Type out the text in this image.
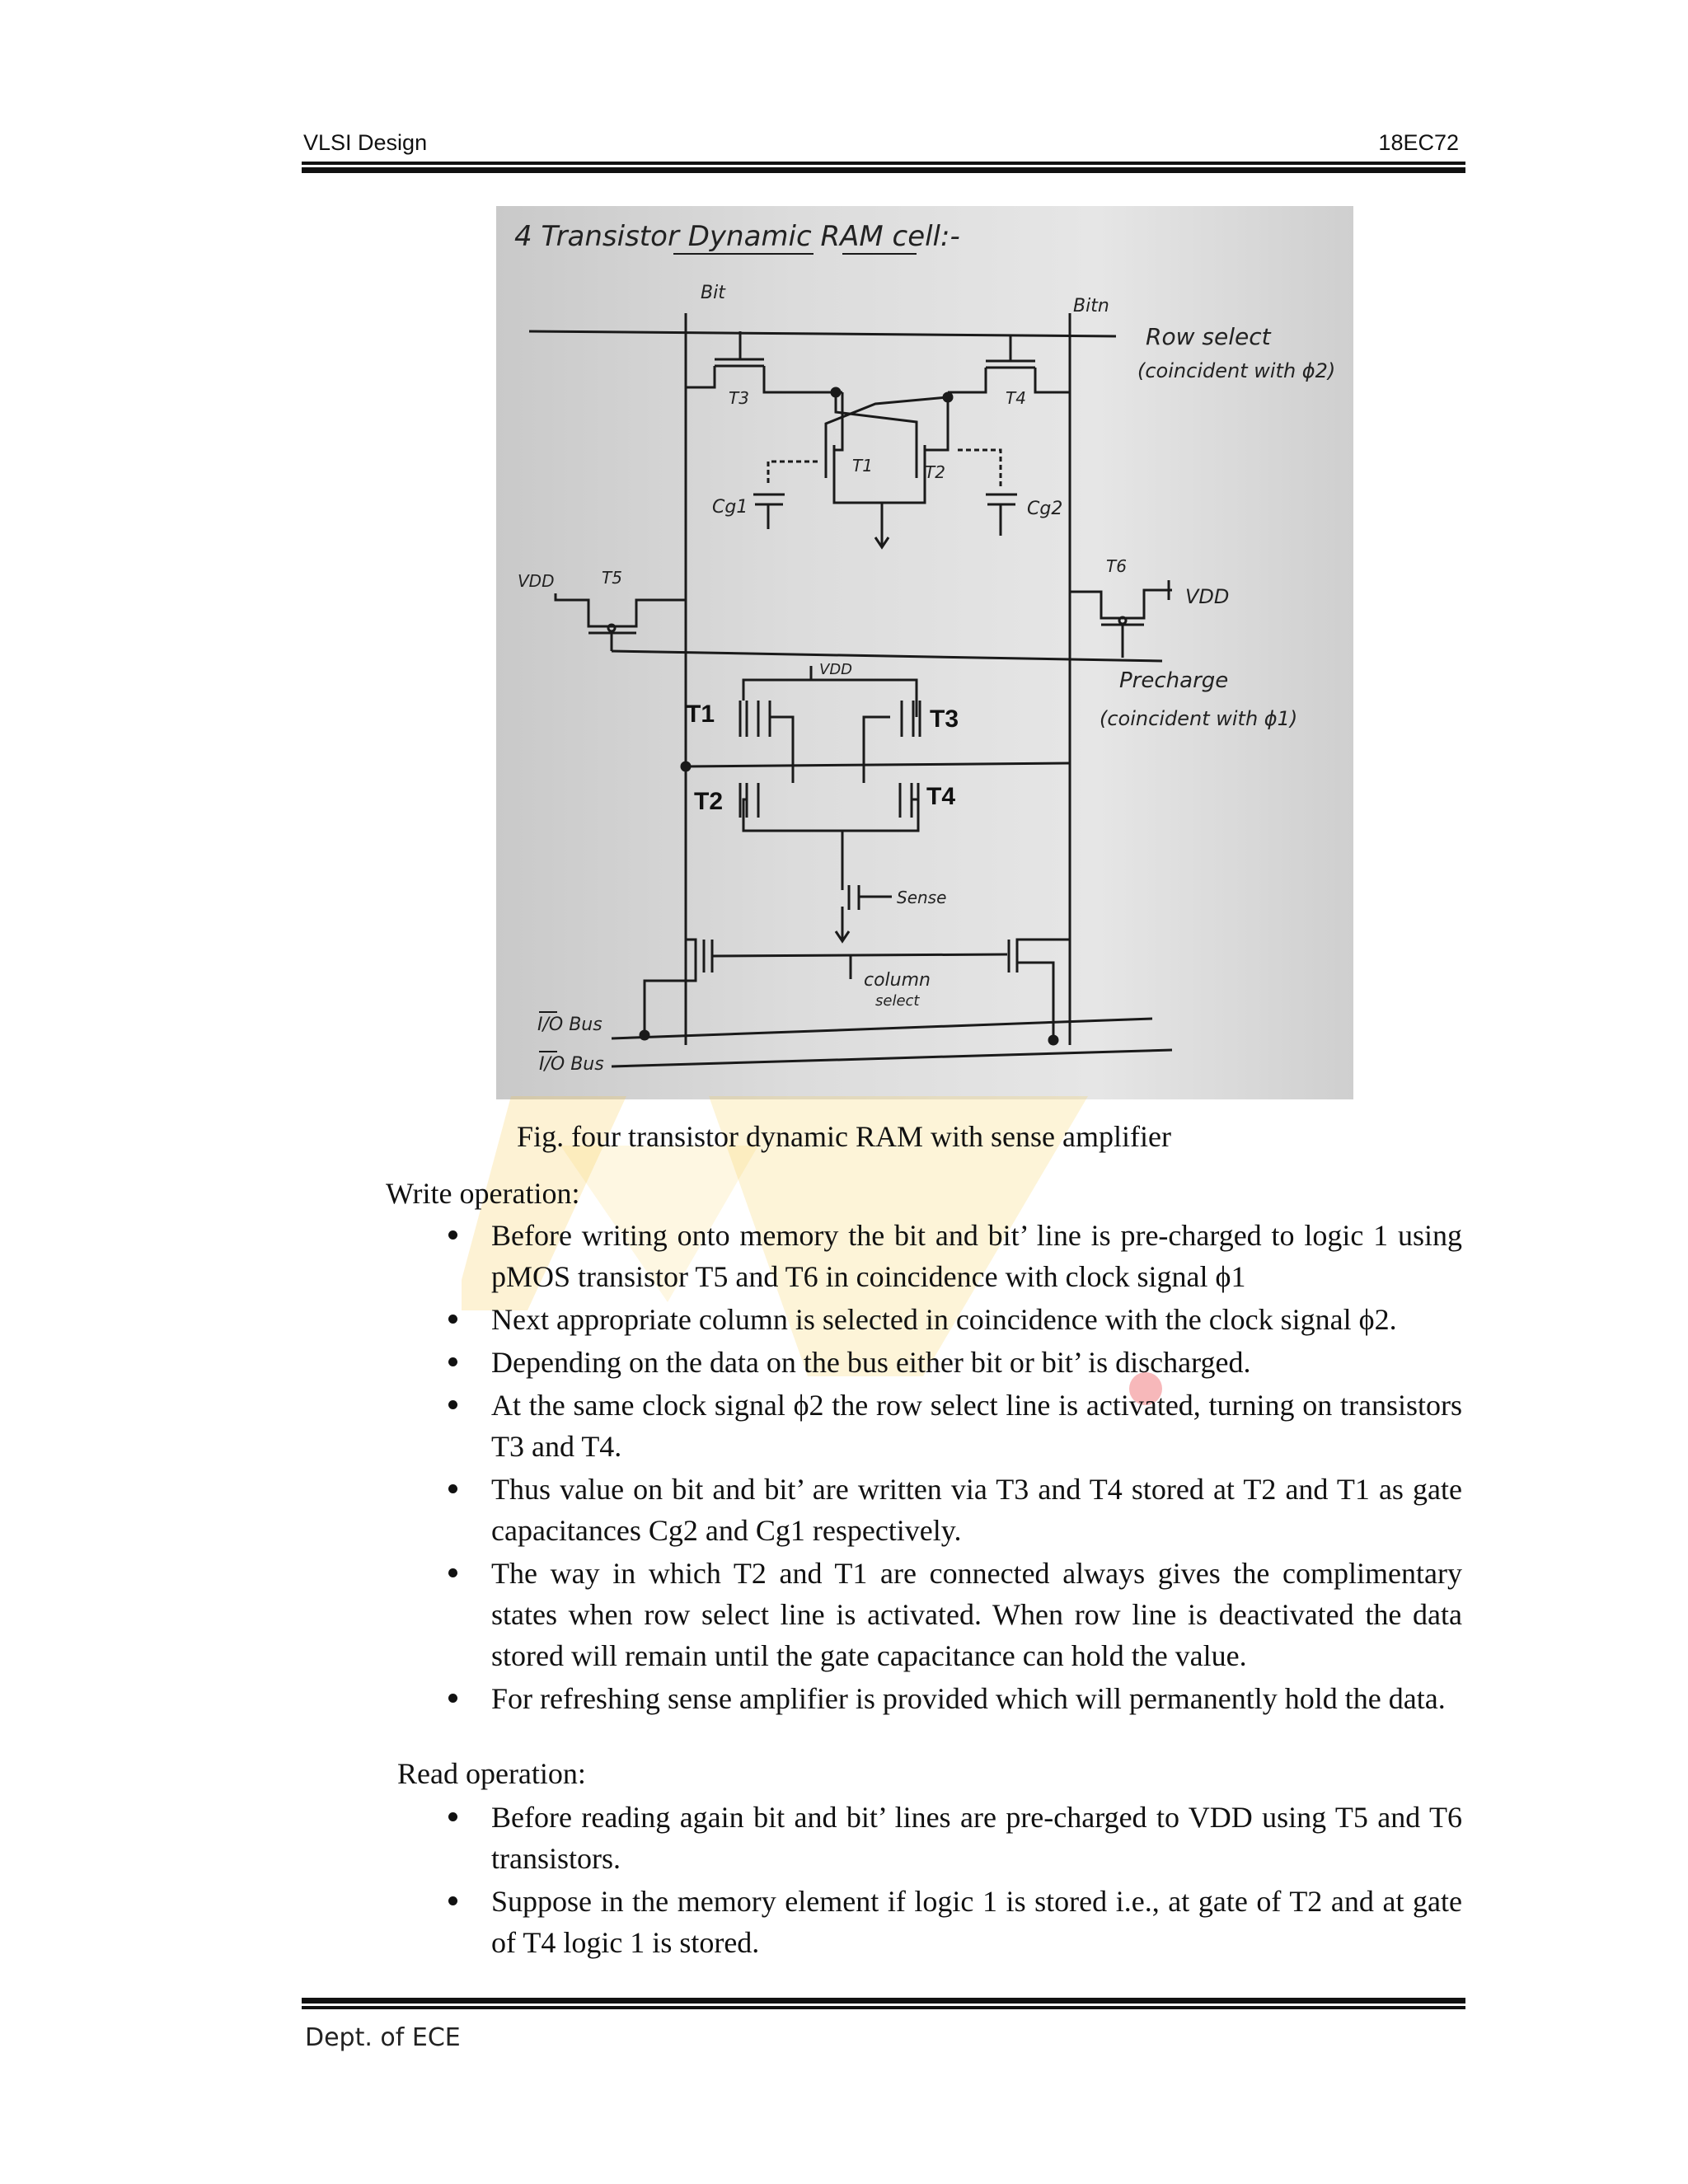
VLSI Design	18EC72
4 Transistor Dynamic RAM cell:-
Bit
Bitn
Row select
(coincident with ϕ2)
T3	T4
T1	T2
Cg1	Cg2
VDD	T5
T6
VDD
Precharge
(coincident with ϕ1)
VDD
T1	T3
T2	T4
Sense
column
select
I/O Bus
I/O Bus
Fig. four transistor dynamic RAM with sense amplifier
Write operation:
Before writing onto memory the bit and bit’ line is pre-charged to logic 1 using pMOS transistor T5 and T6 in coincidence with clock signal ϕ1
Next appropriate column is selected in coincidence with the clock signal ϕ2.
Depending on the data on the bus either bit or bit’ is discharged.
At the same clock signal ϕ2 the row select line is activated, turning on transistors T3 and T4.
Thus value on bit and bit’ are written via T3 and T4 stored at T2 and T1 as gate capacitances Cg2 and Cg1 respectively.
The way in which T2 and T1 are connected always gives the complimentary states when row select line is activated. When row line is deactivated the data stored will remain until the gate capacitance can hold the value.
For refreshing sense amplifier is provided which will permanently hold the data.
Read operation:
Before reading again bit and bit’ lines are pre-charged to VDD using T5 and T6 transistors.
Suppose in the memory element if logic 1 is stored i.e., at gate of T2 and at gate of T4 logic 1 is stored.
Dept. of ECE
